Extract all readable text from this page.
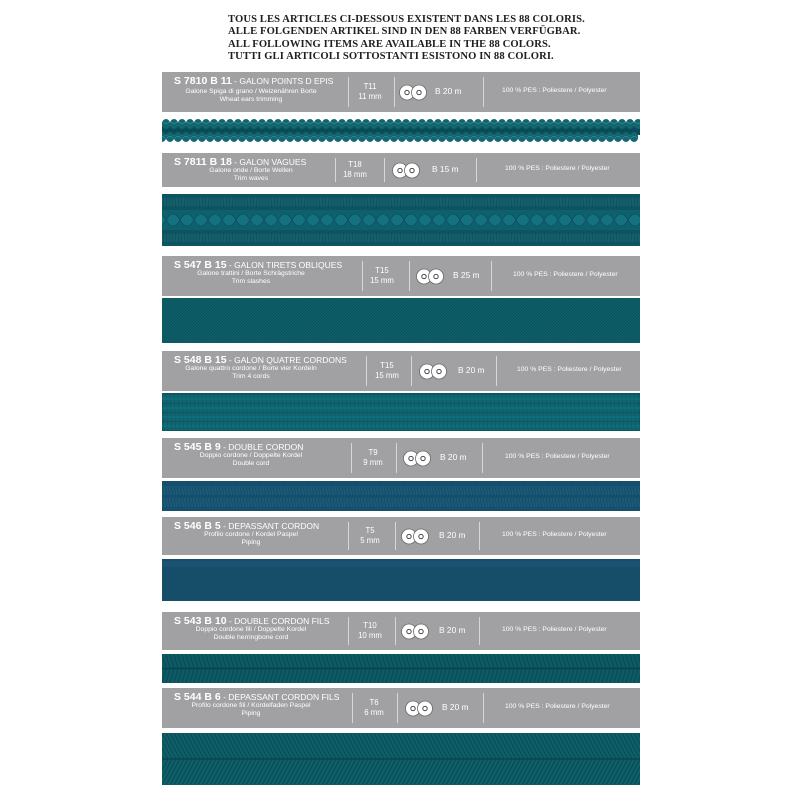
TOUS LES ARTICLES CI-DESSOUS EXISTENT DANS LES 88 COLORIS.
ALLE FOLGENDEN ARTIKEL SIND IN DEN 88 FARBEN VERFÜGBAR.
ALL FOLLOWING ITEMS ARE AVAILABLE IN THE 88 COLORS.
TUTTI GLI ARTICOLI SOTTOSTANTI ESISTONO IN 88 COLORI.
S 7810 B 11 - GALON POINTS D EPIS
Galone Spiga di grano / Weizenähren Borte
Wheat ears trimming
T11
11 mm	B 20 m	100 % PES : Poliestere / Polyester
S 7811 B 18 - GALON VAGUES
Galone onde / Borte Wellen
Trim waves
T18
18 mm	B 15 m	100 % PES : Poliestere / Polyester
S 547 B 15 - GALON TIRETS OBLIQUES
Galone trattini / Borte Schrägstriche
Trim slashes
T15
15 mm	B 25 m	100 % PES : Poliestere / Polyester
S 548 B 15 - GALON QUATRE CORDONS
Galone quattro cordone / Borte vier Kordeln
Trim 4 cords
T15
15 mm	B 20 m	100 % PES : Poliestere / Polyester
S 545 B 9 - DOUBLE CORDON
Doppio cordone / Doppelte Kordel
Double cord
T9
9 mm	B 20 m	100 % PES : Poliestere / Polyester
S 546 B 5 - DEPASSANT CORDON
Profilo cordone / Kordel Paspel
Piping
T5
5 mm	B 20 m	100 % PES : Poliestere / Polyester
S 543 B 10 - DOUBLE CORDON FILS
Doppio cordone fili / Doppelte Kordel
Double herringbone cord
T10
10 mm	B 20 m	100 % PES : Poliestere / Polyester
S 544 B 6 - DEPASSANT CORDON FILS
Profilo cordone fili / Kordelfaden Paspel
Piping
T6
6 mm	B 20 m	100 % PES : Poliestere / Polyester
